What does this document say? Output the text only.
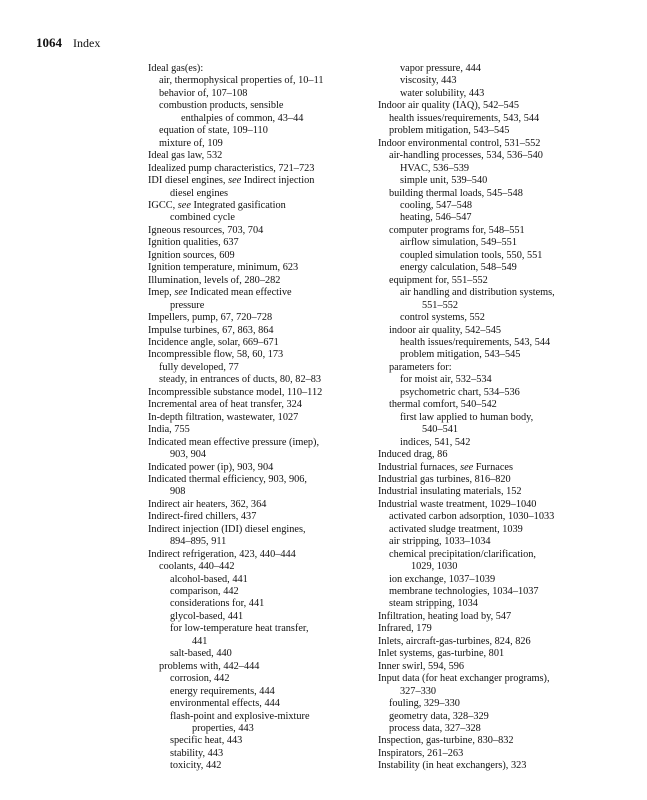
1064 Index
Ideal gas(es):
air, thermophysical properties of, 10–11
behavior of, 107–108
combustion products, sensible
enthalpies of common, 43–44
equation of state, 109–110
mixture of, 109
Ideal gas law, 532
Idealized pump characteristics, 721–723
IDI diesel engines, see Indirect injection
diesel engines
IGCC, see Integrated gasification
combined cycle
Igneous resources, 703, 704
Ignition qualities, 637
Ignition sources, 609
Ignition temperature, minimum, 623
Illumination, levels of, 280–282
Imep, see Indicated mean effective
pressure
Impellers, pump, 67, 720–728
Impulse turbines, 67, 863, 864
Incidence angle, solar, 669–671
Incompressible flow, 58, 60, 173
fully developed, 77
steady, in entrances of ducts, 80, 82–83
Incompressible substance model, 110–112
Incremental area of heat transfer, 324
In-depth filtration, wastewater, 1027
India, 755
Indicated mean effective pressure (imep),
903, 904
Indicated power (ip), 903, 904
Indicated thermal efficiency, 903, 906,
908
Indirect air heaters, 362, 364
Indirect-fired chillers, 437
Indirect injection (IDI) diesel engines,
894–895, 911
Indirect refrigeration, 423, 440–444
coolants, 440–442
alcohol-based, 441
comparison, 442
considerations for, 441
glycol-based, 441
for low-temperature heat transfer,
441
salt-based, 440
problems with, 442–444
corrosion, 442
energy requirements, 444
environmental effects, 444
flash-point and explosive-mixture
properties, 443
specific heat, 443
stability, 443
toxicity, 442
vapor pressure, 444
viscosity, 443
water solubility, 443
Indoor air quality (IAQ), 542–545
health issues/requirements, 543, 544
problem mitigation, 543–545
Indoor environmental control, 531–552
air-handling processes, 534, 536–540
HVAC, 536–539
simple unit, 539–540
building thermal loads, 545–548
cooling, 547–548
heating, 546–547
computer programs for, 548–551
airflow simulation, 549–551
coupled simulation tools, 550, 551
energy calculation, 548–549
equipment for, 551–552
air handling and distribution systems,
551–552
control systems, 552
indoor air quality, 542–545
health issues/requirements, 543, 544
problem mitigation, 543–545
parameters for:
for moist air, 532–534
psychometric chart, 534–536
thermal comfort, 540–542
first law applied to human body,
540–541
indices, 541, 542
Induced drag, 86
Industrial furnaces, see Furnaces
Industrial gas turbines, 816–820
Industrial insulating materials, 152
Industrial waste treatment, 1029–1040
activated carbon adsorption, 1030–1033
activated sludge treatment, 1039
air stripping, 1033–1034
chemical precipitation/clarification,
1029, 1030
ion exchange, 1037–1039
membrane technologies, 1034–1037
steam stripping, 1034
Infiltration, heating load by, 547
Infrared, 179
Inlets, aircraft-gas-turbines, 824, 826
Inlet systems, gas-turbine, 801
Inner swirl, 594, 596
Input data (for heat exchanger programs),
327–330
fouling, 329–330
geometry data, 328–329
process data, 327–328
Inspection, gas-turbine, 830–832
Inspirators, 261–263
Instability (in heat exchangers), 323
